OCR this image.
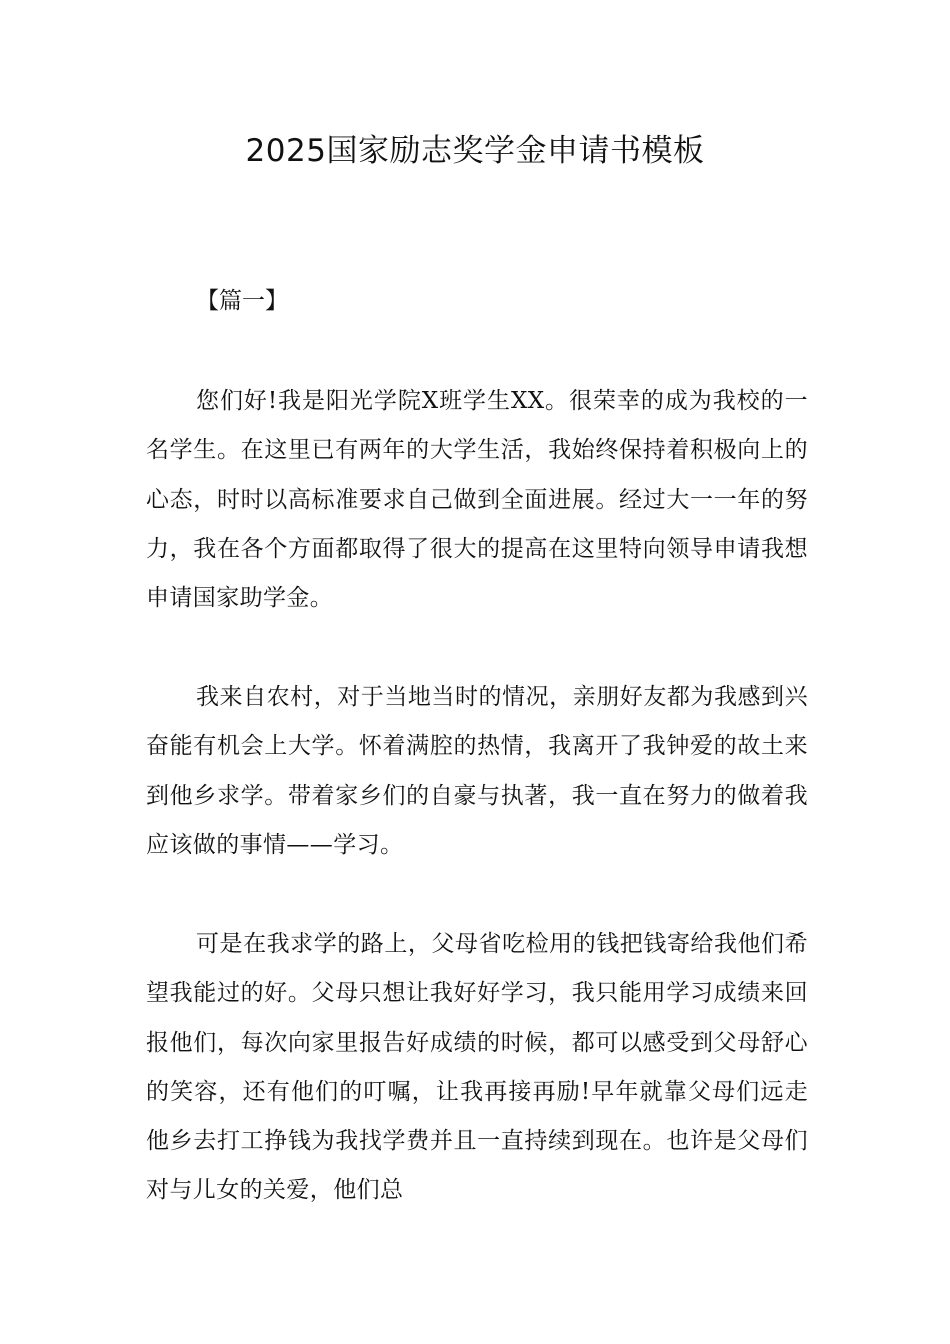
2025国家励志奖学金申请书模板

【篇一】

您们好!我是阳光学院X班学生XX。很荣幸的成为我校的一名学生。在这里已有两年的大学生活，我始终保持着积极向上的心态，时时以高标准要求自己做到全面进展。经过大一一年的努力，我在各个方面都取得了很大的提高在这里特向领导申请我想申请国家助学金。

我来自农村，对于当地当时的情况，亲朋好友都为我感到兴奋能有机会上大学。怀着满腔的热情，我离开了我钟爱的故土来到他乡求学。带着家乡们的自豪与执著，我一直在努力的做着我应该做的事情——学习。

可是在我求学的路上，父母省吃检用的钱把钱寄给我他们希望我能过的好。父母只想让我好好学习，我只能用学习成绩来回报他们，每次向家里报告好成绩的时候，都可以感受到父母舒心的笑容，还有他们的叮嘱，让我再接再励!早年就靠父母们远走他乡去打工挣钱为我找学费并且一直持续到现在。也许是父母们对与儿女的关爱，他们总
